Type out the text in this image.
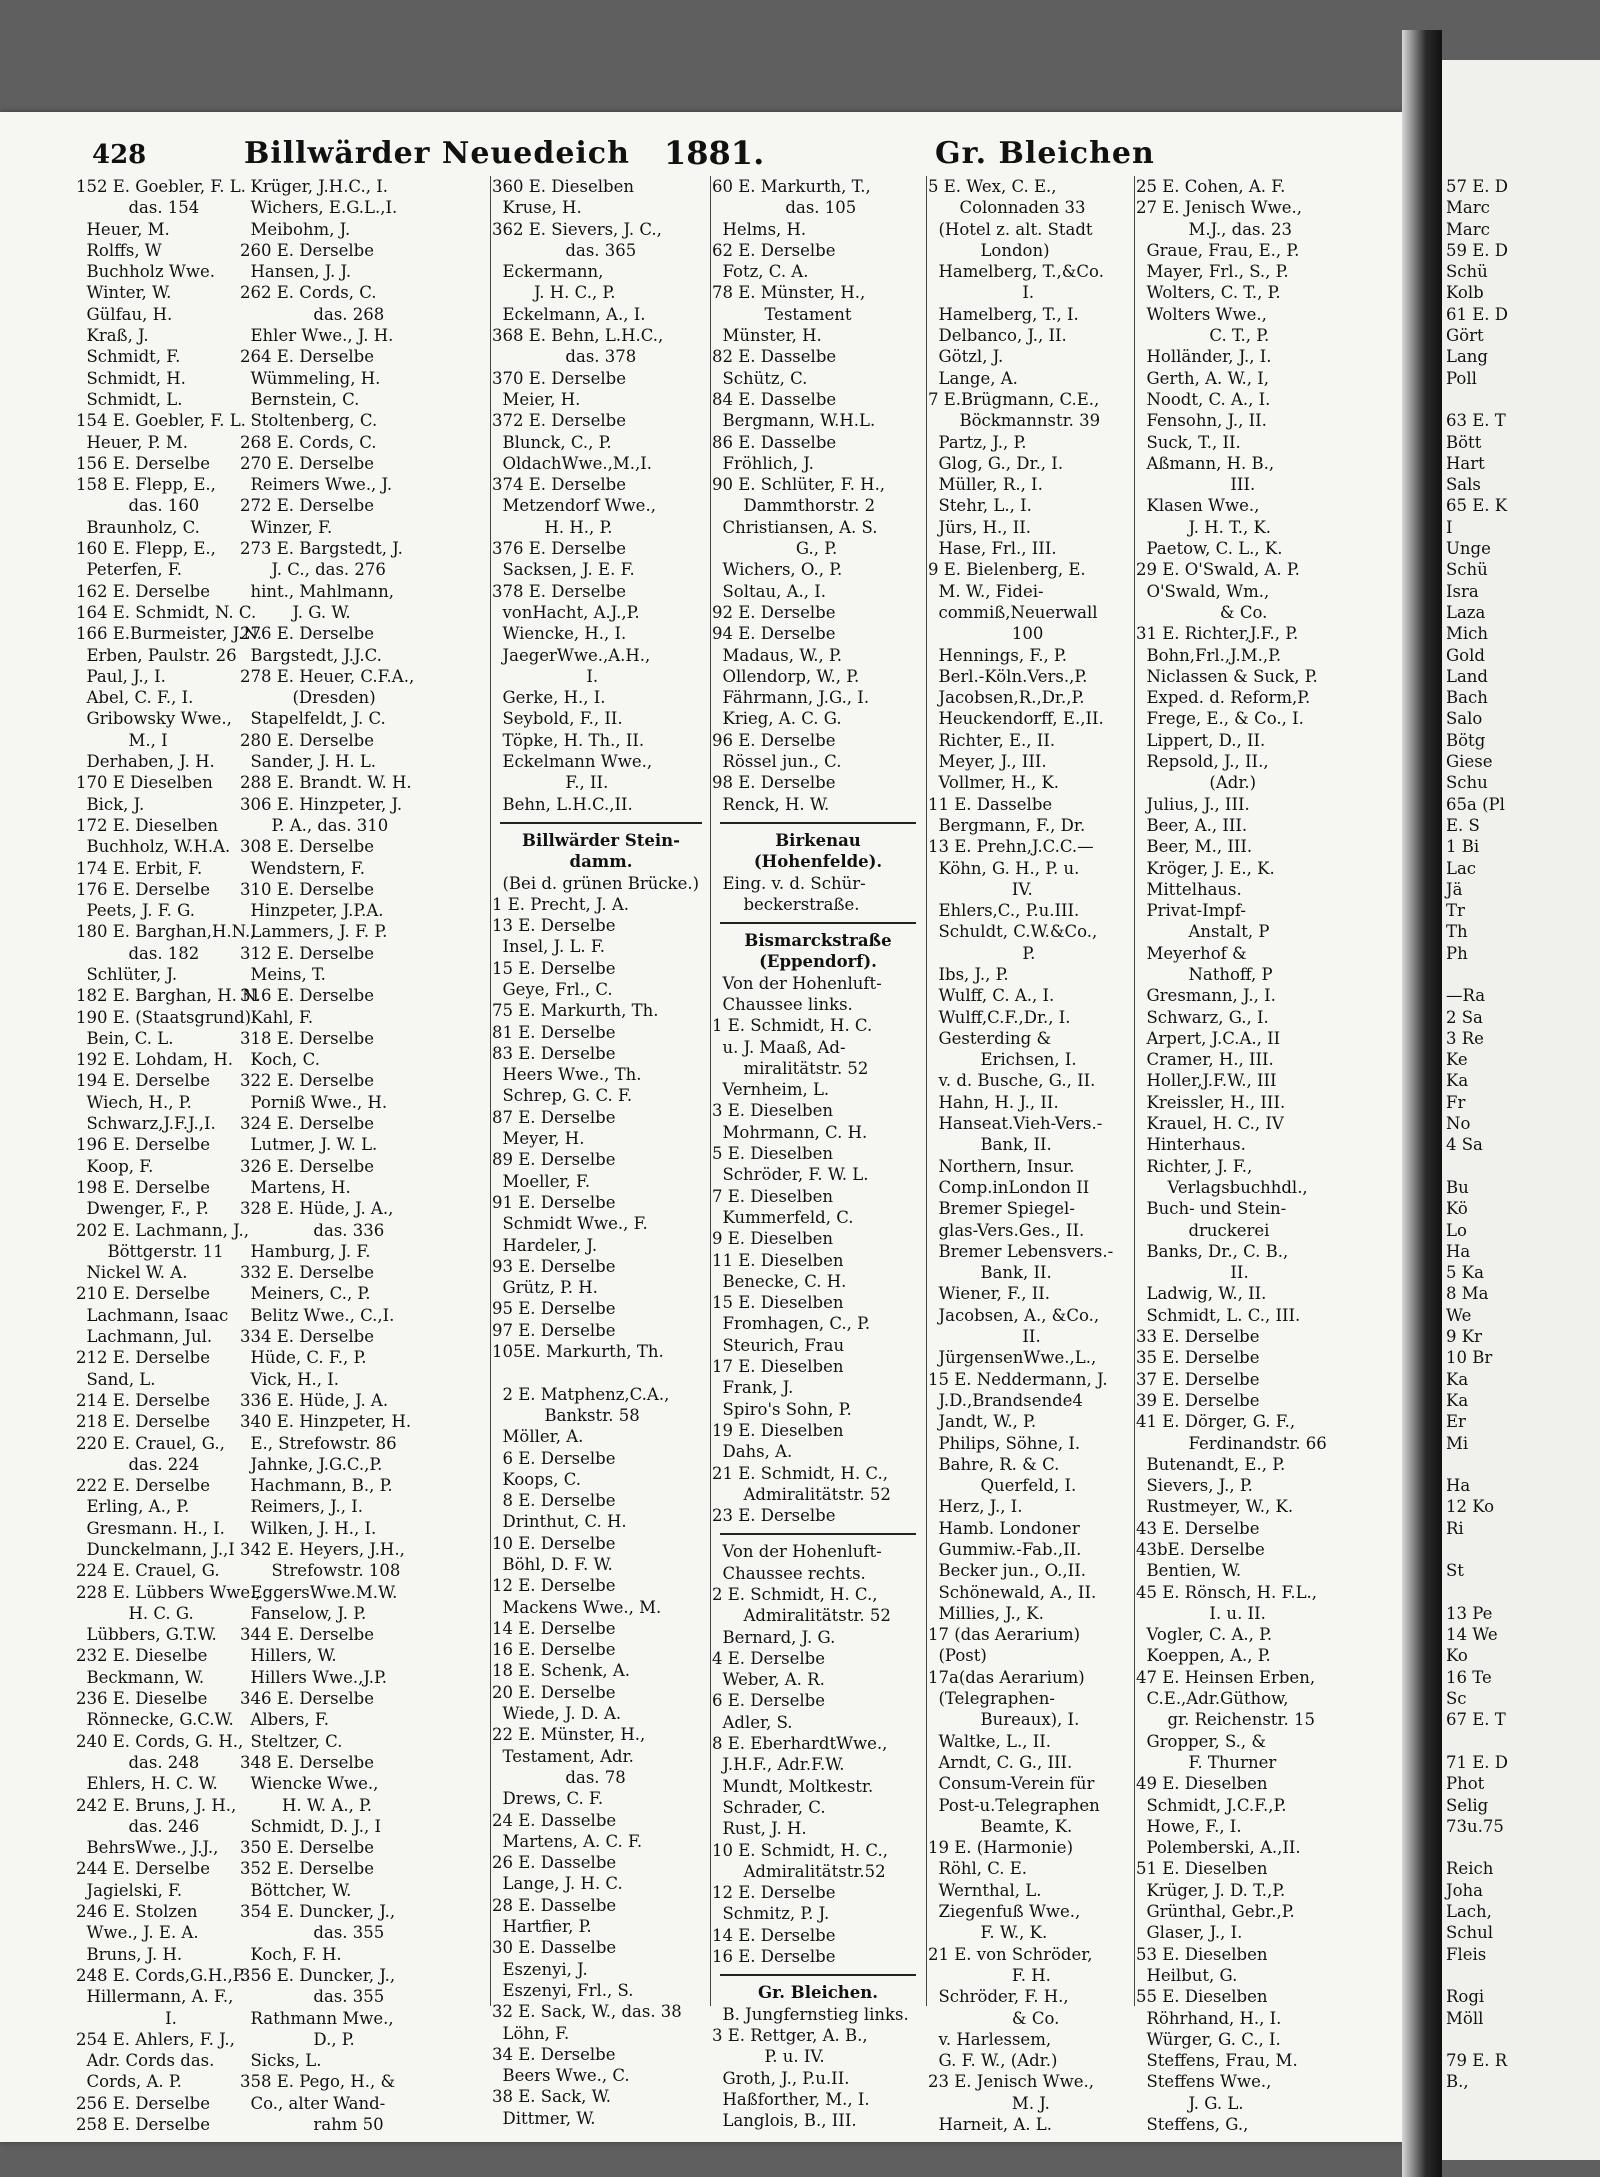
57 E. D
Marc
Marc
59 E. D
Schü
Kolb
61 E. D
Gört
Lang
Poll

63 E. T
Bött
Hart
Sals
65 E. K
I
Unge
Schü
Isra
Laza
Mich
Gold
Land
Bach
Salo
Bötg
Giese
Schu
65a (Pl
E. S
1 Bi
Lac
Jä
Tr
Th
Ph

—Ra
2 Sa
3 Re
Ke
Ka
Fr
No
4 Sa

Bu
Kö
Lo
Ha
5 Ka
8 Ma
We
9 Kr
10 Br
Ka
Ka
Er
Mi

Ha
12 Ko
Ri

St

13 Pe
14 We
Ko
16 Te
Sc
67 E. T

71 E. D
Phot
Selig
73u.75

Reich
Joha
Lach,
Schul
Fleis

Rogi
Möll

79 E. R
B.,
428	Billwärder Neuedeich 1881.	Gr. Bleichen
152 E. Goebler, F. L.
das. 154
Heuer, M.
Rolffs, W
Buchholz Wwe.
Winter, W.
Gülfau, H.
Kraß, J.
Schmidt, F.
Schmidt, H.
Schmidt, L.
154 E. Goebler, F. L.
Heuer, P. M.
156 E. Derselbe
158 E. Flepp, E.,
das. 160
Braunholz, C.
160 E. Flepp, E.,
Peterfen, F.
162 E. Derselbe
164 E. Schmidt, N. C.
166 E.Burmeister, J.N.
Erben, Paulstr. 26
Paul, J., I.
Abel, C. F., I.
Gribowsky Wwe.,
M., I
Derhaben, J. H.
170 E Dieselben
Bick, J.
172 E. Dieselben
Buchholz, W.H.A.
174 E. Erbit, F.
176 E. Derselbe
Peets, J. F. G.
180 E. Barghan,H.N.,
das. 182
Schlüter, J.
182 E. Barghan, H. N.
190 E. (Staatsgrund)
Bein, C. L.
192 E. Lohdam, H.
194 E. Derselbe
Wiech, H., P.
Schwarz,J.F.J.,I.
196 E. Derselbe
Koop, F.
198 E. Derselbe
Dwenger, F., P.
202 E. Lachmann, J.,
Böttgerstr. 11
Nickel W. A.
210 E. Derselbe
Lachmann, Isaac
Lachmann, Jul.
212 E. Derselbe
Sand, L.
214 E. Derselbe
218 E. Derselbe
220 E. Crauel, G.,
das. 224
222 E. Derselbe
Erling, A., P.
Gresmann. H., I.
Dunckelmann, J.,I
224 E. Crauel, G.
228 E. Lübbers Wwe.,
H. C. G.
Lübbers, G.T.W.
232 E. Dieselbe
Beckmann, W.
236 E. Dieselbe
Rönnecke, G.C.W.
240 E. Cords, G. H.,
das. 248
Ehlers, H. C. W.
242 E. Bruns, J. H.,
das. 246
BehrsWwe., J.J.,
244 E. Derselbe
Jagielski, F.
246 E. Stolzen
Wwe., J. E. A.
Bruns, J. H.
248 E. Cords,G.H.,P.
Hillermann, A. F.,
I.
254 E. Ahlers, F. J.,
Adr. Cords das.
Cords, A. P.
256 E. Derselbe
258 E. Derselbe
Krüger, J.H.C., I.
Wichers, E.G.L.,I.
Meibohm, J.
260 E. Derselbe
Hansen, J. J.
262 E. Cords, C.
das. 268
Ehler Wwe., J. H.
264 E. Derselbe
Wümmeling, H.
Bernstein, C.
Stoltenberg, C.
268 E. Cords, C.
270 E. Derselbe
Reimers Wwe., J.
272 E. Derselbe
Winzer, F.
273 E. Bargstedt, J.
J. C., das. 276
hint., Mahlmann,
J. G. W.
276 E. Derselbe
Bargstedt, J.J.C.
278 E. Heuer, C.F.A.,
(Dresden)
Stapelfeldt, J. C.
280 E. Derselbe
Sander, J. H. L.
288 E. Brandt. W. H.
306 E. Hinzpeter, J.
P. A., das. 310
308 E. Derselbe
Wendstern, F.
310 E. Derselbe
Hinzpeter, J.P.A.
Lammers, J. F. P.
312 E. Derselbe
Meins, T.
316 E. Derselbe
Kahl, F.
318 E. Derselbe
Koch, C.
322 E. Derselbe
Porniß Wwe., H.
324 E. Derselbe
Lutmer, J. W. L.
326 E. Derselbe
Martens, H.
328 E. Hüde, J. A.,
das. 336
Hamburg, J. F.
332 E. Derselbe
Meiners, C., P.
Belitz Wwe., C.,I.
334 E. Derselbe
Hüde, C. F., P.
Vick, H., I.
336 E. Hüde, J. A.
340 E. Hinzpeter, H.
E., Strefowstr. 86
Jahnke, J.G.C.,P.
Hachmann, B., P.
Reimers, J., I.
Wilken, J. H., I.
342 E. Heyers, J.H.,
Strefowstr. 108
EggersWwe.M.W.
Fanselow, J. P.
344 E. Derselbe
Hillers, W.
Hillers Wwe.,J.P.
346 E. Derselbe
Albers, F.
Steltzer, C.
348 E. Derselbe
Wiencke Wwe.,
H. W. A., P.
Schmidt, D. J., I
350 E. Derselbe
352 E. Derselbe
Böttcher, W.
354 E. Duncker, J.,
das. 355
Koch, F. H.
356 E. Duncker, J.,
das. 355
Rathmann Mwe.,
D., P.
Sicks, L.
358 E. Pego, H., &
Co., alter Wand-
rahm 50
360 E. Dieselben
Kruse, H.
362 E. Sievers, J. C.,
das. 365
Eckermann,
J. H. C., P.
Eckelmann, A., I.
368 E. Behn, L.H.C.,
das. 378
370 E. Derselbe
Meier, H.
372 E. Derselbe
Blunck, C., P.
OldachWwe.,M.,I.
374 E. Derselbe
Metzendorf Wwe.,
H. H., P.
376 E. Derselbe
Sacksen, J. E. F.
378 E. Derselbe
vonHacht, A.J.,P.
Wiencke, H., I.
JaegerWwe.,A.H.,
I.
Gerke, H., I.
Seybold, F., II.
Töpke, H. Th., II.
Eckelmann Wwe.,
F., II.
Behn, L.H.C.,II.
Billwärder Stein-
damm.
(Bei d. grünen Brücke.)
1 E. Precht, J. A.
13 E. Derselbe
Insel, J. L. F.
15 E. Derselbe
Geye, Frl., C.
75 E. Markurth, Th.
81 E. Derselbe
83 E. Derselbe
Heers Wwe., Th.
Schrep, G. C. F.
87 E. Derselbe
Meyer, H.
89 E. Derselbe
Moeller, F.
91 E. Derselbe
Schmidt Wwe., F.
Hardeler, J.
93 E. Derselbe
Grütz, P. H.
95 E. Derselbe
97 E. Derselbe
105E. Markurth, Th.

2 E. Matphenz,C.A.,
Bankstr. 58
Möller, A.
6 E. Derselbe
Koops, C.
8 E. Derselbe
Drinthut, C. H.
10 E. Derselbe
Böhl, D. F. W.
12 E. Derselbe
Mackens Wwe., M.
14 E. Derselbe
16 E. Derselbe
18 E. Schenk, A.
20 E. Derselbe
Wiede, J. D. A.
22 E. Münster, H.,
Testament, Adr.
das. 78
Drews, C. F.
24 E. Dasselbe
Martens, A. C. F.
26 E. Dasselbe
Lange, J. H. C.
28 E. Dasselbe
Hartfier, P.
30 E. Dasselbe
Eszenyi, J.
Eszenyi, Frl., S.
32 E. Sack, W., das. 38
Löhn, F.
34 E. Derselbe
Beers Wwe., C.
38 E. Sack, W.
Dittmer, W.
60 E. Markurth, T.,
das. 105
Helms, H.
62 E. Derselbe
Fotz, C. A.
78 E. Münster, H.,
Testament
Münster, H.
82 E. Dasselbe
Schütz, C.
84 E. Dasselbe
Bergmann, W.H.L.
86 E. Dasselbe
Fröhlich, J.
90 E. Schlüter, F. H.,
Dammthorstr. 2
Christiansen, A. S.
G., P.
Wichers, O., P.
Soltau, A., I.
92 E. Derselbe
94 E. Derselbe
Madaus, W., P.
Ollendorp, W., P.
Fährmann, J.G., I.
Krieg, A. C. G.
96 E. Derselbe
Rössel jun., C.
98 E. Derselbe
Renck, H. W.
Birkenau
(Hohenfelde).
Eing. v. d. Schür-
beckerstraße.
Bismarckstraße
(Eppendorf).
Von der Hohenluft-
Chaussee links.
1 E. Schmidt, H. C.
u. J. Maaß, Ad-
miralitätstr. 52
Vernheim, L.
3 E. Dieselben
Mohrmann, C. H.
5 E. Dieselben
Schröder, F. W. L.
7 E. Dieselben
Kummerfeld, C.
9 E. Dieselben
11 E. Dieselben
Benecke, C. H.
15 E. Dieselben
Fromhagen, C., P.
Steurich, Frau
17 E. Dieselben
Frank, J.
Spiro's Sohn, P.
19 E. Dieselben
Dahs, A.
21 E. Schmidt, H. C.,
Admiralitätstr. 52
23 E. Derselbe
Von der Hohenluft-
Chaussee rechts.
2 E. Schmidt, H. C.,
Admiralitätstr. 52
Bernard, J. G.
4 E. Derselbe
Weber, A. R.
6 E. Derselbe
Adler, S.
8 E. EberhardtWwe.,
J.H.F., Adr.F.W.
Mundt, Moltkestr.
Schrader, C.
Rust, J. H.
10 E. Schmidt, H. C.,
Admiralitätstr.52
12 E. Derselbe
Schmitz, P. J.
14 E. Derselbe
16 E. Derselbe
Gr. Bleichen.
B. Jungfernstieg links.
3 E. Rettger, A. B.,
P. u. IV.
Groth, J., P.u.II.
Haßforther, M., I.
Langlois, B., III.
5 E. Wex, C. E.,
Colonnaden 33
(Hotel z. alt. Stadt
London)
Hamelberg, T.,&Co.
I.
Hamelberg, T., I.
Delbanco, J., II.
Götzl, J.
Lange, A.
7 E.Brügmann, C.E.,
Böckmannstr. 39
Partz, J., P.
Glog, G., Dr., I.
Müller, R., I.
Stehr, L., I.
Jürs, H., II.
Hase, Frl., III.
9 E. Bielenberg, E.
M. W., Fidei-
commiß,Neuerwall
100
Hennings, F., P.
Berl.-Köln.Vers.,P.
Jacobsen,R.,Dr.,P.
Heuckendorff, E.,II.
Richter, E., II.
Meyer, J., III.
Vollmer, H., K.
11 E. Dasselbe
Bergmann, F., Dr.
13 E. Prehn,J.C.C.—
Köhn, G. H., P. u.
IV.
Ehlers,C., P.u.III.
Schuldt, C.W.&Co.,
P.
Ibs, J., P.
Wulff, C. A., I.
Wulff,C.F.,Dr., I.
Gesterding &
Erichsen, I.
v. d. Busche, G., II.
Hahn, H. J., II.
Hanseat.Vieh-Vers.-
Bank, II.
Northern, Insur.
Comp.inLondon II
Bremer Spiegel-
glas-Vers.Ges., II.
Bremer Lebensvers.-
Bank, II.
Wiener, F., II.
Jacobsen, A., &Co.,
II.
JürgensenWwe.,L.,
15 E. Neddermann, J.
J.D.,Brandsende4
Jandt, W., P.
Philips, Söhne, I.
Bahre, R. & C.
Querfeld, I.
Herz, J., I.
Hamb. Londoner
Gummiw.-Fab.,II.
Becker jun., O.,II.
Schönewald, A., II.
Millies, J., K.
17 (das Aerarium)
(Post)
17a(das Aerarium)
(Telegraphen-
Bureaux), I.
Waltke, L., II.
Arndt, C. G., III.
Consum-Verein für
Post-u.Telegraphen
Beamte, K.
19 E. (Harmonie)
Röhl, C. E.
Wernthal, L.
Ziegenfuß Wwe.,
F. W., K.
21 E. von Schröder,
F. H.
Schröder, F. H.,
& Co.
v. Harlessem,
G. F. W., (Adr.)
23 E. Jenisch Wwe.,
M. J.
Harneit, A. L.
25 E. Cohen, A. F.
27 E. Jenisch Wwe.,
M.J., das. 23
Graue, Frau, E., P.
Mayer, Frl., S., P.
Wolters, C. T., P.
Wolters Wwe.,
C. T., P.
Holländer, J., I.
Gerth, A. W., I,
Noodt, C. A., I.
Fensohn, J., II.
Suck, T., II.
Aßmann, H. B.,
III.
Klasen Wwe.,
J. H. T., K.
Paetow, C. L., K.
29 E. O'Swald, A. P.
O'Swald, Wm.,
& Co.
31 E. Richter,J.F., P.
Bohn,Frl.,J.M.,P.
Niclassen & Suck, P.
Exped. d. Reform,P.
Frege, E., & Co., I.
Lippert, D., II.
Repsold, J., II.,
(Adr.)
Julius, J., III.
Beer, A., III.
Beer, M., III.
Kröger, J. E., K.
Mittelhaus.
Privat-Impf-
Anstalt, P
Meyerhof &
Nathoff, P
Gresmann, J., I.
Schwarz, G., I.
Arpert, J.C.A., II
Cramer, H., III.
Holler,J.F.W., III
Kreissler, H., III.
Krauel, H. C., IV
Hinterhaus.
Richter, J. F.,
Verlagsbuchhdl.,
Buch- und Stein-
druckerei
Banks, Dr., C. B.,
II.
Ladwig, W., II.
Schmidt, L. C., III.
33 E. Derselbe
35 E. Derselbe
37 E. Derselbe
39 E. Derselbe
41 E. Dörger, G. F.,
Ferdinandstr. 66
Butenandt, E., P.
Sievers, J., P.
Rustmeyer, W., K.
43 E. Derselbe
43bE. Derselbe
Bentien, W.
45 E. Rönsch, H. F.L.,
I. u. II.
Vogler, C. A., P.
Koeppen, A., P.
47 E. Heinsen Erben,
C.E.,Adr.Güthow,
gr. Reichenstr. 15
Gropper, S., &
F. Thurner
49 E. Dieselben
Schmidt, J.C.F.,P.
Howe, F., I.
Polemberski, A.,II.
51 E. Dieselben
Krüger, J. D. T.,P.
Grünthal, Gebr.,P.
Glaser, J., I.
53 E. Dieselben
Heilbut, G.
55 E. Dieselben
Röhrhand, H., I.
Würger, G. C., I.
Steffens, Frau, M.
Steffens Wwe.,
J. G. L.
Steffens, G.,
